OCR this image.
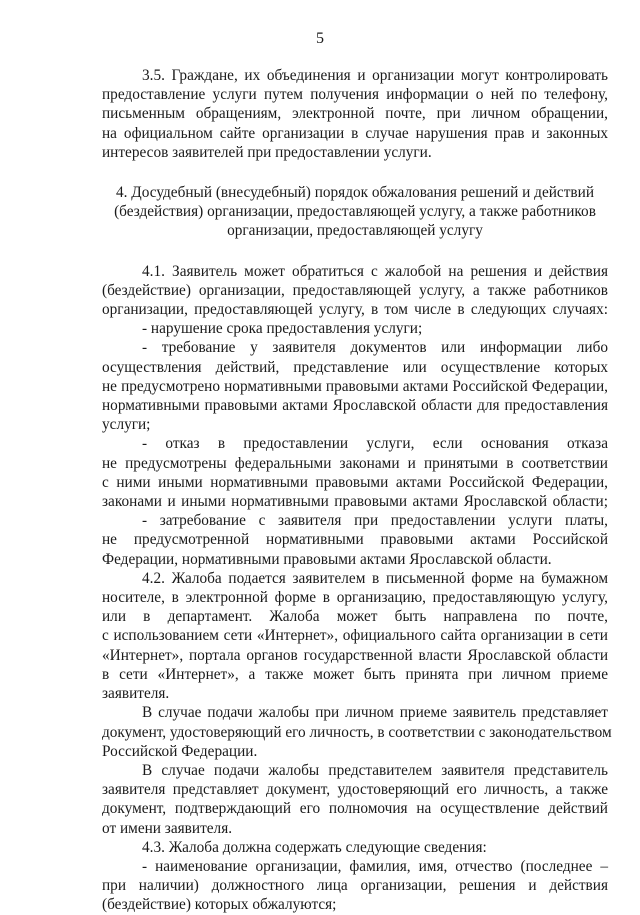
5
3.5. Граждане, их объединения и организации могут контролировать
предоставление услуги путем получения информации о ней по телефону,
письменным обращениям, электронной почте, при личном обращении,
на официальном сайте организации в случае нарушения прав и законных
интересов заявителей при предоставлении услуги.
4. Досудебный (внесудебный) порядок обжалования решений и действий
(бездействия) организации, предоставляющей услугу, а также работников
организации, предоставляющей услугу
4.1. Заявитель может обратиться с жалобой на решения и действия
(бездействие) организации, предоставляющей услугу, а также работников
организации, предоставляющей услугу, в том числе в следующих случаях:
- нарушение срока предоставления услуги;
- требование у заявителя документов или информации либо
осуществления действий, представление или осуществление которых
не предусмотрено нормативными правовыми актами Российской Федерации,
нормативными правовыми актами Ярославской области для предоставления
услуги;
- отказ в предоставлении услуги, если основания отказа
не предусмотрены федеральными законами и принятыми в соответствии
с ними иными нормативными правовыми актами Российской Федерации,
законами и иными нормативными правовыми актами Ярославской области;
- затребование с заявителя при предоставлении услуги платы,
не предусмотренной нормативными правовыми актами Российской
Федерации, нормативными правовыми актами Ярославской области.
4.2. Жалоба подается заявителем в письменной форме на бумажном
носителе, в электронной форме в организацию, предоставляющую услугу,
или в департамент. Жалоба может быть направлена по почте,
с использованием сети «Интернет», официального сайта организации в сети
«Интернет», портала органов государственной власти Ярославской области
в сети «Интернет», а также может быть принята при личном приеме
заявителя.
В случае подачи жалобы при личном приеме заявитель представляет
документ, удостоверяющий его личность, в соответствии с законодательством
Российской Федерации.
В случае подачи жалобы представителем заявителя представитель
заявителя представляет документ, удостоверяющий его личность, а также
документ, подтверждающий его полномочия на осуществление действий
от имени заявителя.
4.3. Жалоба должна содержать следующие сведения:
- наименование организации, фамилия, имя, отчество (последнее –
при наличии) должностного лица организации, решения и действия
(бездействие) которых обжалуются;
